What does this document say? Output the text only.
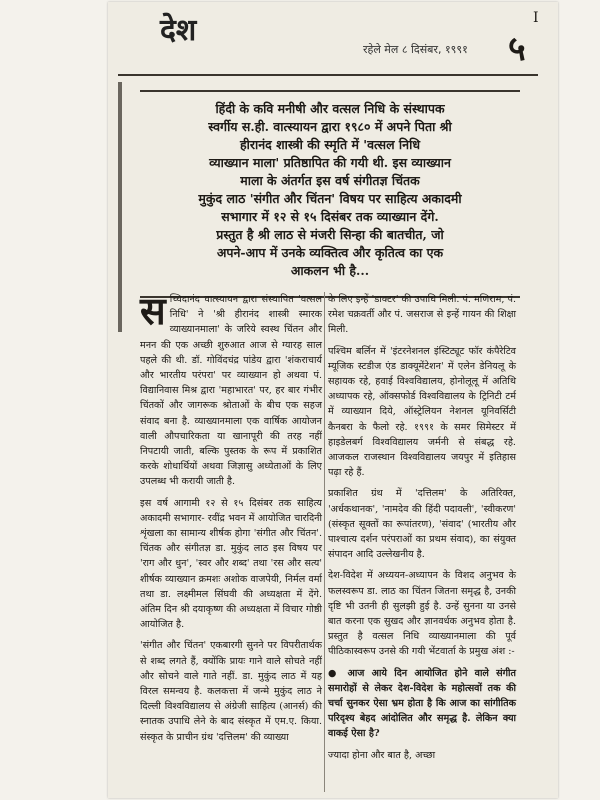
देश
रहेले मेल ८ दिसंबर, १९९१ ५
I

हिंदी के कवि मनीषी और वत्सल निधि के संस्थापक

स्वर्गीय स.ही. वात्स्यायन द्वारा १९८० में अपने पिता श्री

हीरानंद शास्त्री की स्मृति में 'वत्सल निधि

व्याख्यान माला' प्रतिष्ठापित की गयी थी. इस व्याख्यान

माला के अंतर्गत इस वर्ष संगीतज्ञ चिंतक

मुकुंद लाठ 'संगीत और चिंतन' विषय पर साहित्य अकादमी

सभागार में १२ से १५ दिसंबर तक व्याख्यान देंगे.

प्रस्तुत है श्री लाठ से मंजरी सिन्हा की बातचीत, जो

अपने-आप में उनके व्यक्तित्व और कृतित्व का एक

आकलन भी है...

सच्चिदानंद वात्स्यायन द्वारा संस्थापित 'वत्सल निधि' ने 'श्री हीरानंद शास्त्री स्मारक व्याख्यानमाला' के जरिये स्वस्थ चिंतन और मनन की एक अच्छी शुरुआत आज से ग्यारह साल पहले की थी. डॉ. गोविंदचंद्र पांडेय द्वारा 'शंकराचार्य और भारतीय परंपरा' पर व्याख्यान हो अथवा पं. विद्यानिवास मिश्र द्वारा 'महाभारत' पर, हर बार गंभीर चिंतकों और जागरूक श्रोताओं के बीच एक सहज संवाद बना है. व्याख्यानमाला एक वार्षिक आयोजन वाली औपचारिकता या खानापूरी की तरह नहीं निपटायी जाती, बल्कि पुस्तक के रूप में प्रकाशित करके शोधार्थियों अथवा जिज्ञासु अध्येताओं के लिए उपलब्ध भी करायी जाती है.

इस वर्ष आगामी १२ से १५ दिसंबर तक साहित्य अकादमी सभागार- रवींद्र भवन में आयोजित चारदिनी शृंखला का सामान्य शीर्षक होगा 'संगीत और चिंतन'. चिंतक और संगीतज्ञ डा. मुकुंद लाठ इस विषय पर 'राग और धुन', 'स्वर और शब्द' तथा 'रस और सत्य' शीर्षक व्याख्यान क्रमशः अशोक वाजपेयी, निर्मल वर्मा तथा डा. लक्ष्मीमल सिंघवी की अध्यक्षता में देंगे. अंतिम दिन श्री दयाकृष्ण की अध्यक्षता में विचार गोष्ठी आयोजित है.

'संगीत और चिंतन' एकबारगी सुनने पर विपरीतार्थक से शब्द लगते हैं, क्योंकि प्रायः गाने वाले सोचते नहीं और सोचने वाले गाते नहीं. डा. मुकुंद लाठ में यह विरल समन्वय है. कलकत्ता में जन्मे मुकुंद लाठ ने दिल्ली विश्वविद्यालय से अंग्रेजी साहित्य (आनर्स) की स्नातक उपाधि लेने के बाद संस्कृत में एम.ए. किया. संस्कृत के प्राचीन ग्रंथ 'दत्तिलम' की व्याख्या

के लिए इन्हें 'डाक्टर' की उपाधि मिली. पं. मणिराम, पं. रमेश चक्रवर्ती और पं. जसराज से इन्हें गायन की शिक्षा मिली.

पश्चिम बर्लिन में 'इंटरनेशनल इंस्टिट्यूट फॉर कंपैरेटिव म्यूजिक स्टडीज एंड डाक्यूमेंटेशन' में एलेन डेनियलू के सहायक रहे, हवाई विश्वविद्यालय, होनोलूलू में अतिथि अध्यापक रहे, ऑक्सफोर्ड विश्वविद्यालय के ट्रिनिटी टर्म में व्याख्यान दिये, ऑस्ट्रेलियन नेशनल यूनिवर्सिटी कैनबरा के फैलो रहे. १९९१ के समर सिमेस्टर में हाइडेलबर्ग विश्वविद्यालय जर्मनी से संबद्ध रहे. आजकल राजस्थान विश्वविद्यालय जयपुर में इतिहास पढ़ा रहे हैं.

प्रकाशित ग्रंथ में 'दत्तिलम' के अतिरिक्त, 'अर्धकथानक', 'नामदेव की हिंदी पदावली', 'स्वीकरण' (संस्कृत सूक्तों का रूपांतरण), 'संवाद' (भारतीय और पाश्चात्य दर्शन परंपराओं का प्रथम संवाद), का संयुक्त संपादन आदि उल्लेखनीय है.

देश-विदेश में अध्ययन-अध्यापन के विशद अनुभव के फलस्वरूप डा. लाठ का चिंतन जितना समृद्ध है, उनकी दृष्टि भी उतनी ही सुलझी हुई है. उन्हें सुनना या उनसे बात करना एक सुखद और ज्ञानवर्धक अनुभव होता है. प्रस्तुत है वत्सल निधि व्याख्यानमाला की पूर्व पीठिकास्वरूप उनसे की गयी भेंटवार्ता के प्रमुख अंश :-

● आज आये दिन आयोजित होने वाले संगीत समारोहों से लेकर देश-विदेश के महोत्सवों तक की चर्चा सुनकर ऐसा भ्रम होता है कि आज का सांगीतिक परिदृश्य बेहद आंदोलित और समृद्ध है. लेकिन क्या वाकई ऐसा है?

ज्यादा होना और बात है, अच्छा
